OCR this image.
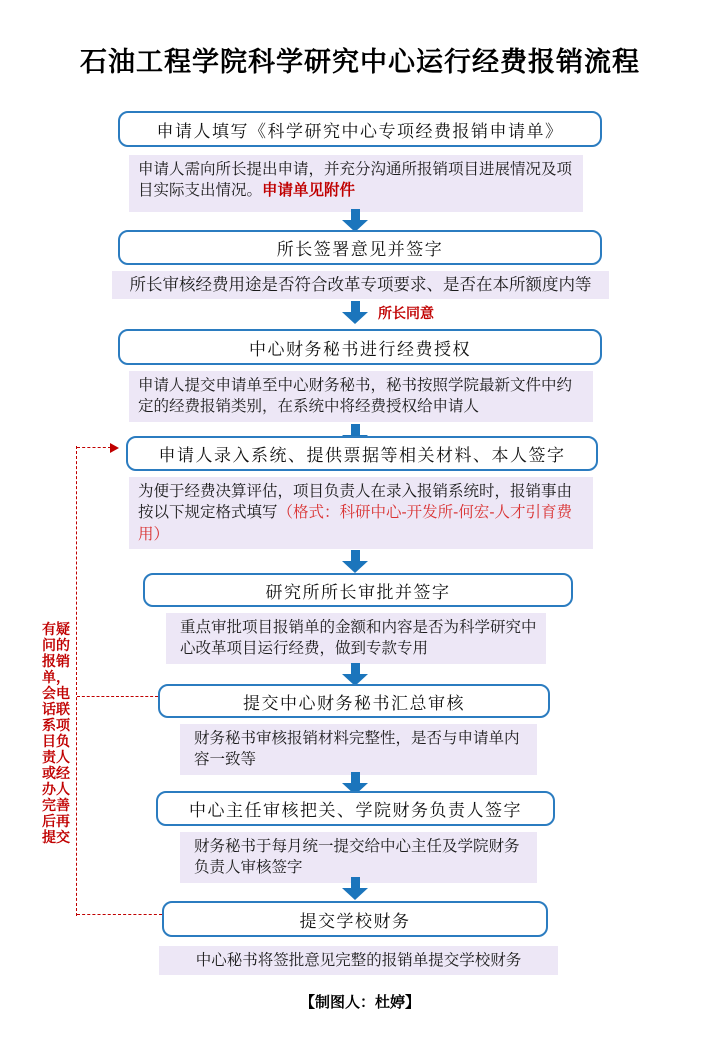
石油工程学院科学研究中心运行经费报销流程
申请人填写《科学研究中心专项经费报销申请单》
申请人需向所长提出申请，并充分沟通所报销项目进展情况及项目实际支出情况。申请单见附件
所长签署意见并签字
所长审核经费用途是否符合改革专项要求、是否在本所额度内等
所长同意
中心财务秘书进行经费授权
申请人提交申请单至中心财务秘书，秘书按照学院最新文件中约定的经费报销类别，在系统中将经费授权给申请人
申请人录入系统、提供票据等相关材料、本人签字
为便于经费决算评估，项目负责人在录入报销系统时，报销事由按以下规定格式填写（格式：科研中心-开发所-何宏-人才引育费用）
研究所所长审批并签字
重点审批项目报销单的金额和内容是否为科学研究中心改革项目运行经费，做到专款专用
提交中心财务秘书汇总审核
财务秘书审核报销材料完整性，是否与申请单内容一致等
中心主任审核把关、学院财务负责人签字
财务秘书于每月统一提交给中心主任及学院财务负责人审核签字
提交学校财务
中心秘书将签批意见完整的报销单提交学校财务
有疑问的报销单，会电话联系项目负责人或经办人完善后再提交
【制图人：杜婷】
